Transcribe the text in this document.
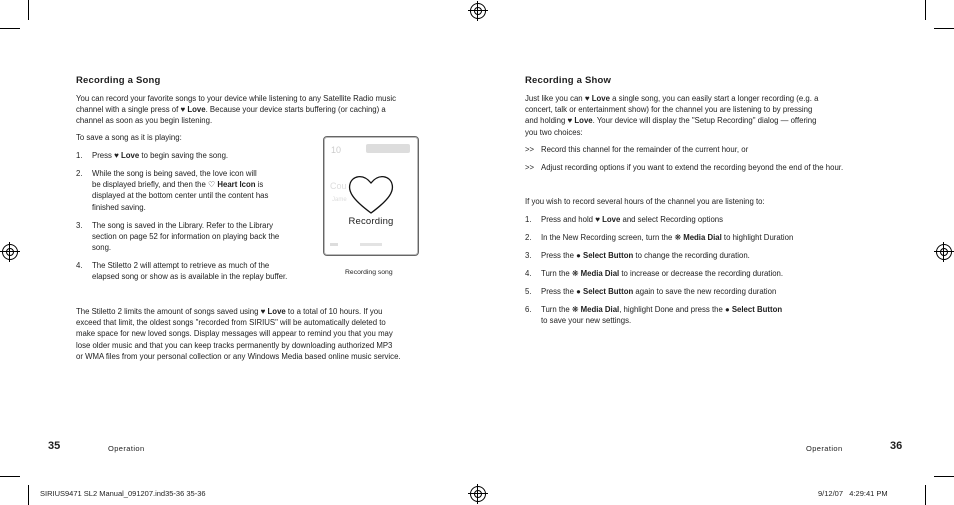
Recording a Song
You can record your favorite songs to your device while listening to any Satellite Radio music
channel with a single press of ♥ Love. Because your device starts buffering (or caching) a
channel as soon as you begin listening.
To save a song as it is playing:
1. Press ♥ Love to begin saving the song.
2. While the song is being saved, the love icon will
be displayed briefly, and then the ♡ Heart Icon is
displayed at the bottom center until the content has
finished saving.
3. The song is saved in the Library. Refer to the Library
section on page 52 for information on playing back the
song.
4. The Stiletto 2 will attempt to retrieve as much of the
elapsed song or show as is available in the replay buffer.
10
Cou
Jame
Recording
Recording song
The Stiletto 2 limits the amount of songs saved using ♥ Love to a total of 10 hours. If you
exceed that limit, the oldest songs "recorded from SIRIUS" will be automatically deleted to
make space for new loved songs. Display messages will appear to remind you that you may
lose older music and that you can keep tracks permanently by downloading authorized MP3
or WMA files from your personal collection or any Windows Media based online music service.
35	Operation
Recording a Show
Just like you can ♥ Love a single song, you can easily start a longer recording (e.g. a
concert, talk or entertainment show) for the channel you are listening to by pressing
and holding ♥ Love. Your device will display the "Setup Recording" dialog — offering
you two choices:
>> Record this channel for the remainder of the current hour, or
>> Adjust recording options if you want to extend the recording beyond the end of the hour.
If you wish to record several hours of the channel you are listening to:
1. Press and hold ♥ Love and select Recording options
2. In the New Recording screen, turn the ❋ Media Dial to highlight Duration
3. Press the ● Select Button to change the recording duration.
4. Turn the ❋ Media Dial to increase or decrease the recording duration.
5. Press the ● Select Button again to save the new recording duration
6. Turn the ❋ Media Dial, highlight Done and press the ● Select Button
to save your new settings.
Operation	36
SIRIUS9471 SL2 Manual_091207.ind35-36 35-36	9/12/07 4:29:41 PM
